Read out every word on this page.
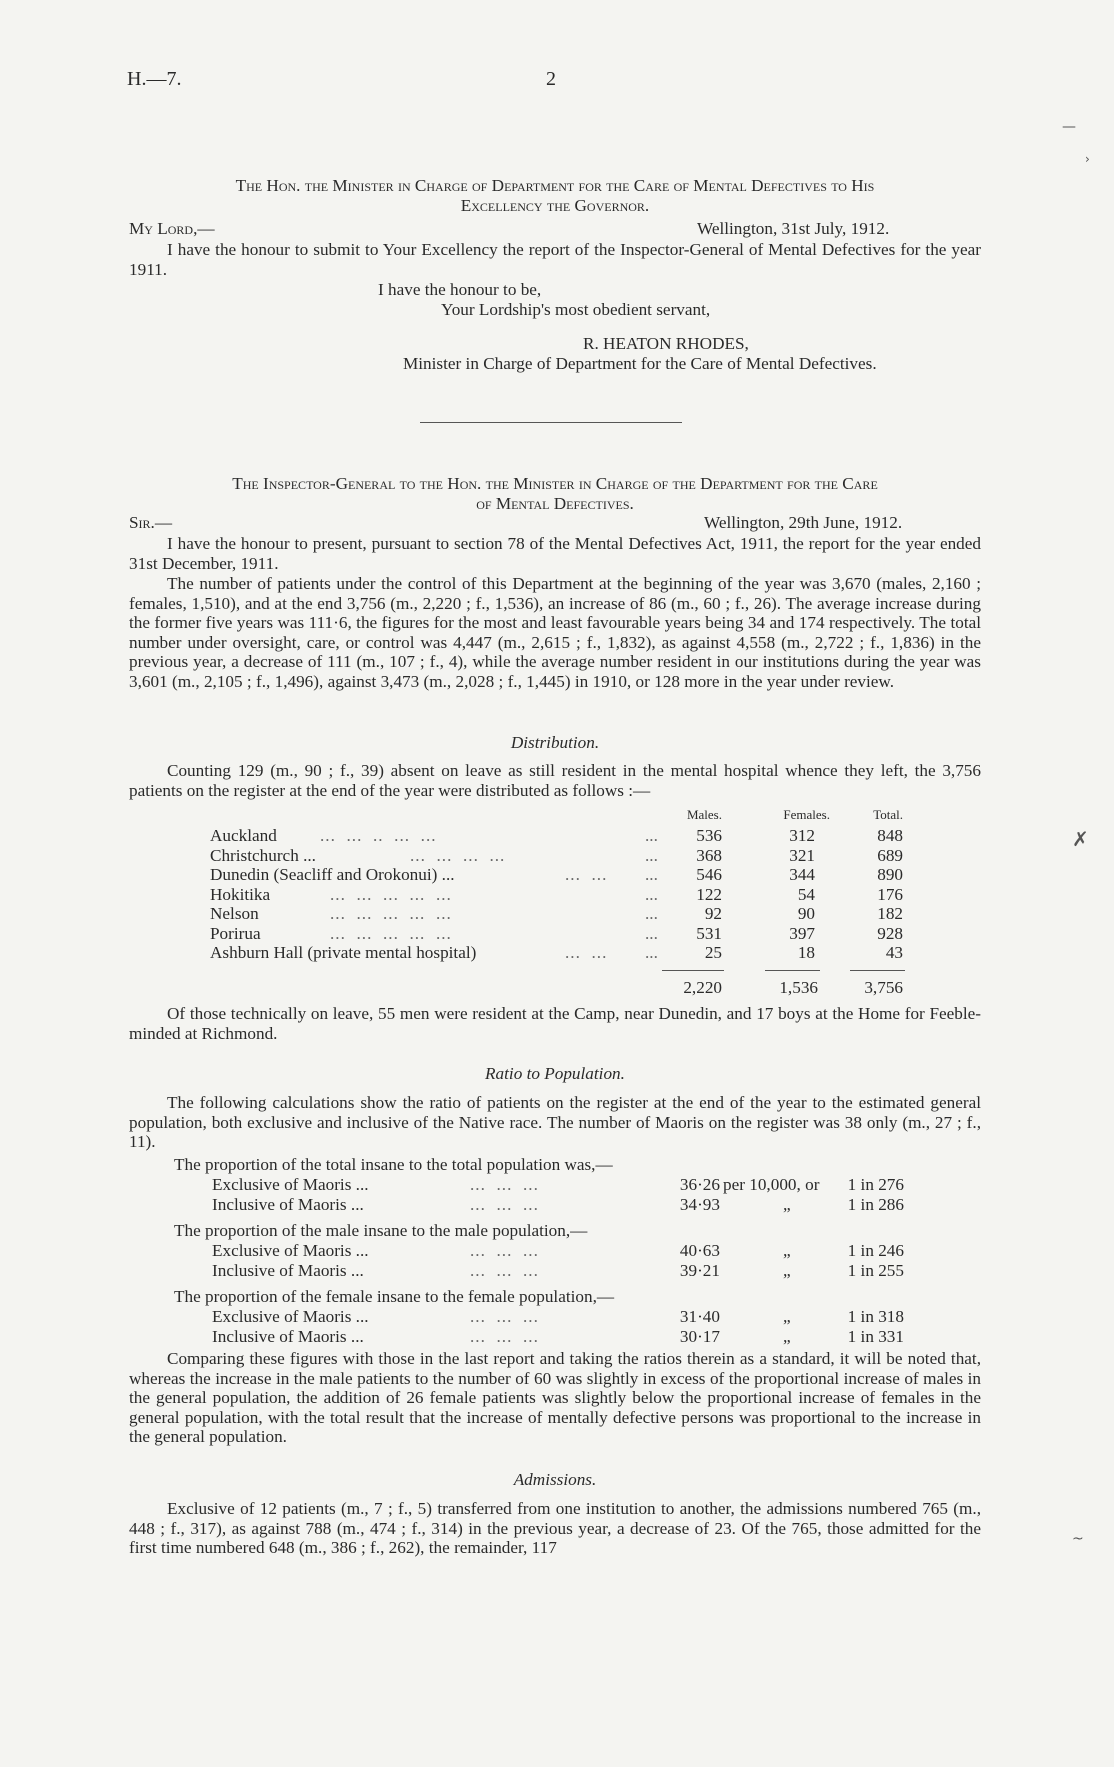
H.—7.	2
—
›
✗
~
The Hon. the Minister in Charge of Department for the Care of Mental Defectives to His
Excellency the Governor.
My Lord,—	Wellington, 31st July, 1912.

I have the honour to submit to Your Excellency the report of the Inspector-General of Mental Defectives for the year 1911.

I have the honour to be,
Your Lordship's most obedient servant,
R. HEATON RHODES,
Minister in Charge of Department for the Care of Mental Defectives.
The Inspector-General to the Hon. the Minister in Charge of the Department for the Care
of Mental Defectives.
Sir.—	Wellington, 29th June, 1912.

I have the honour to present, pursuant to section 78 of the Mental Defectives Act, 1911, the report for the year ended 31st December, 1911.

The number of patients under the control of this Department at the beginning of the year was 3,670 (males, 2,160 ; females, 1,510), and at the end 3,756 (m., 2,220 ; f., 1,536), an increase of 86 (m., 60 ; f., 26). The average increase during the former five years was 111·6, the figures for the most and least favourable years being 34 and 174 respectively. The total number under oversight, care, or control was 4,447 (m., 2,615 ; f., 1,832), as against 4,558 (m., 2,722 ; f., 1,836) in the previous year, a decrease of 111 (m., 107 ; f., 4), while the average number resident in our institutions during the year was 3,601 (m., 2,105 ; f., 1,496), against 3,473 (m., 2,028 ; f., 1,445) in 1910, or 128 more in the year under review.

Distribution.

Counting 129 (m., 90 ; f., 39) absent on leave as still resident in the mental hospital whence they left, the 3,756 patients on the register at the end of the year were distributed as follows :—

Males.	Females.	Total.
Auckland	...  ...  ..  ...  ...	...	536	312	848
Christchurch ...	...  ...  ...  ...	...	368	321	689
Dunedin (Seacliff and Orokonui) ...	...  ... ...	546	344	890
Hokitika	...  ...  ...  ...  ...	...	122	54	176
Nelson	...  ...  ...  ...  ...	...	92	90	182
Porirua	...  ...  ...  ...  ...	...	531	397	928
Ashburn Hall (private mental hospital)	...  ... ...	25	18	43
2,220	1,536	3,756

Of those technically on leave, 55 men were resident at the Camp, near Dunedin, and 17 boys at the Home for Feeble-minded at Richmond.

Ratio to Population.

The following calculations show the ratio of patients on the register at the end of the year to the estimated general population, both exclusive and inclusive of the Native race. The number of Maoris on the register was 38 only (m., 27 ; f., 11).

The proportion of the total insane to the total population was,—
Exclusive of Maoris ...	...  ...  ...	36·26 per 10,000, or	1 in 276
Inclusive of Maoris ...	...  ...  ...	34·93	„	1 in 286
The proportion of the male insane to the male population,—
Exclusive of Maoris ...	...  ...  ...	40·63	„	1 in 246
Inclusive of Maoris ...	...  ...  ...	39·21	„	1 in 255
The proportion of the female insane to the female population,—
Exclusive of Maoris ...	...  ...  ...	31·40	„	1 in 318
Inclusive of Maoris ...	...  ...  ...	30·17	„	1 in 331

Comparing these figures with those in the last report and taking the ratios therein as a standard, it will be noted that, whereas the increase in the male patients to the number of 60 was slightly in excess of the proportional increase of males in the general population, the addition of 26 female patients was slightly below the proportional increase of females in the general population, with the total result that the increase of mentally defective persons was proportional to the increase in the general population.

Admissions.

Exclusive of 12 patients (m., 7 ; f., 5) transferred from one institution to another, the admissions numbered 765 (m., 448 ; f., 317), as against 788 (m., 474 ; f., 314) in the previous year, a decrease of 23. Of the 765, those admitted for the first time numbered 648 (m., 386 ; f., 262), the remainder, 117
